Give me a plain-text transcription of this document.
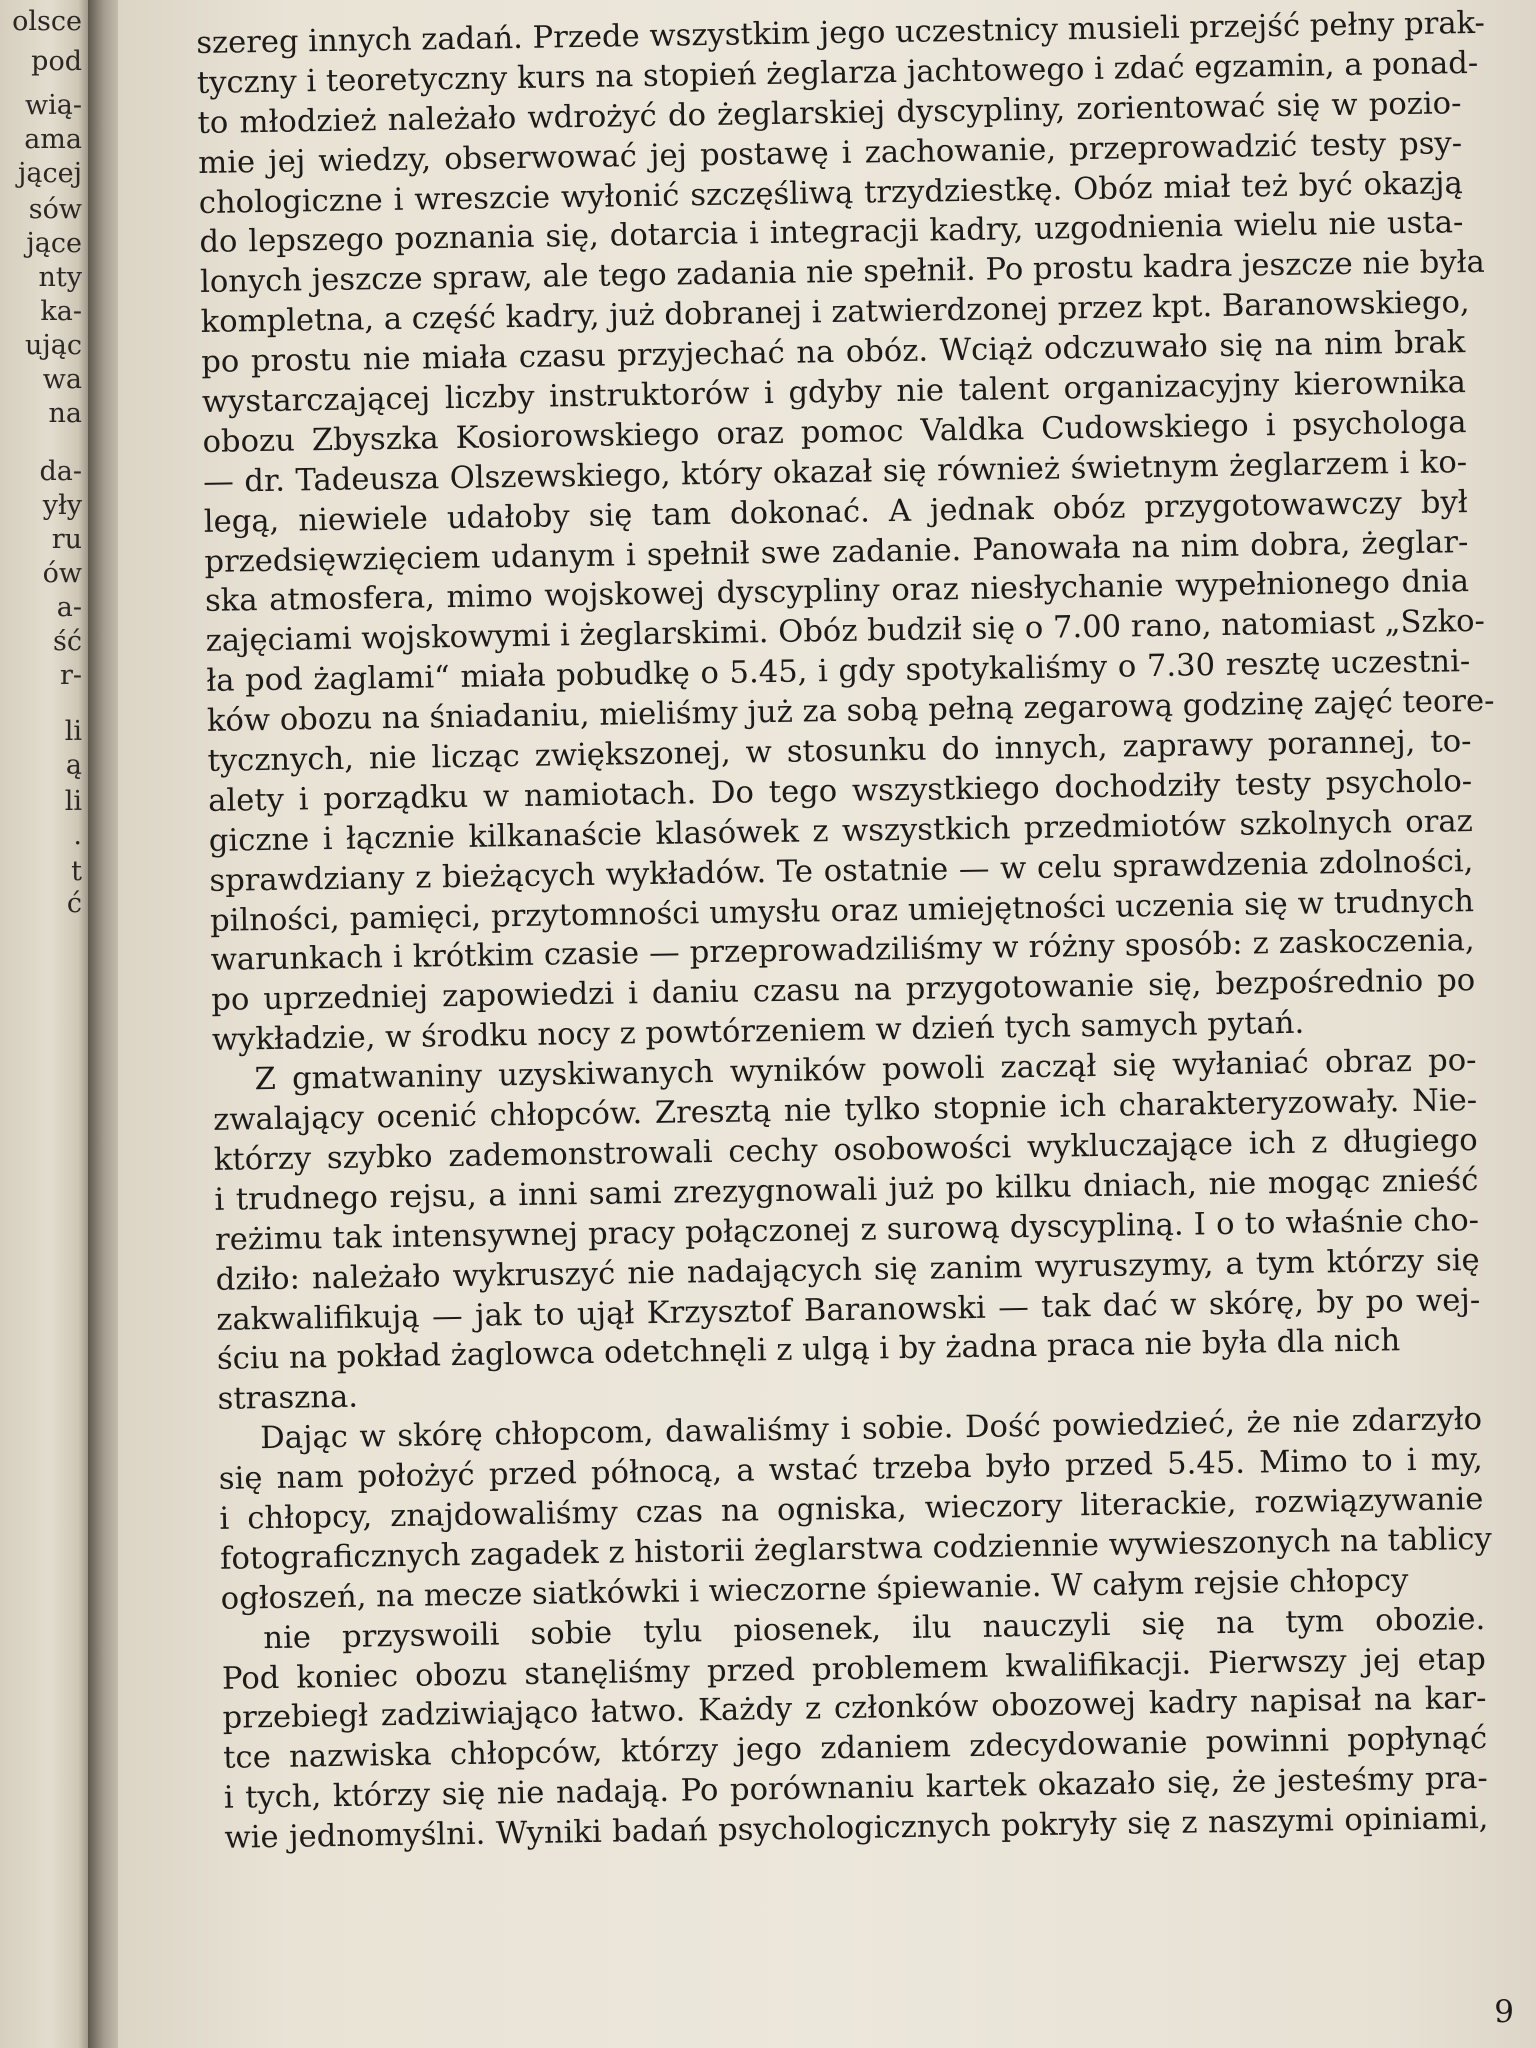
olsce
pod
wią-
ama
jącej
sów
jące
nty
ka-
ując
wa
na
da-
yły
ru
ów
a-
ść
r-
li
ą
li
.
t
ć
szereg innych zadań. Przede wszystkim jego uczestnicy musieli przejść pełny prak-
tyczny i teoretyczny kurs na stopień żeglarza jachtowego i zdać egzamin, a ponad-
to młodzież należało wdrożyć do żeglarskiej dyscypliny, zorientować się w pozio-
mie jej wiedzy, obserwować jej postawę i zachowanie, przeprowadzić testy psy-
chologiczne i wreszcie wyłonić szczęśliwą trzydziestkę. Obóz miał też być okazją
do lepszego poznania się, dotarcia i integracji kadry, uzgodnienia wielu nie usta-
lonych jeszcze spraw, ale tego zadania nie spełnił. Po prostu kadra jeszcze nie była
kompletna, a część kadry, już dobranej i zatwierdzonej przez kpt. Baranowskiego,
po prostu nie miała czasu przyjechać na obóz. Wciąż odczuwało się na nim brak
wystarczającej liczby instruktorów i gdyby nie talent organizacyjny kierownika
obozu Zbyszka Kosiorowskiego oraz pomoc Valdka Cudowskiego i psychologa
— dr. Tadeusza Olszewskiego, który okazał się również świetnym żeglarzem i ko-
legą, niewiele udałoby się tam dokonać. A jednak obóz przygotowawczy był
przedsięwzięciem udanym i spełnił swe zadanie. Panowała na nim dobra, żeglar-
ska atmosfera, mimo wojskowej dyscypliny oraz niesłychanie wypełnionego dnia
zajęciami wojskowymi i żeglarskimi. Obóz budził się o 7.00 rano, natomiast „Szko-
ła pod żaglami“ miała pobudkę o 5.45, i gdy spotykaliśmy o 7.30 resztę uczestni-
ków obozu na śniadaniu, mieliśmy już za sobą pełną zegarową godzinę zajęć teore-
tycznych, nie licząc zwiększonej, w stosunku do innych, zaprawy porannej, to-
alety i porządku w namiotach. Do tego wszystkiego dochodziły testy psycholo-
giczne i łącznie kilkanaście klasówek z wszystkich przedmiotów szkolnych oraz
sprawdziany z bieżących wykładów. Te ostatnie — w celu sprawdzenia zdolności,
pilności, pamięci, przytomności umysłu oraz umiejętności uczenia się w trudnych
warunkach i krótkim czasie — przeprowadziliśmy w różny sposób: z zaskoczenia,
po uprzedniej zapowiedzi i daniu czasu na przygotowanie się, bezpośrednio po
wykładzie, w środku nocy z powtórzeniem w dzień tych samych pytań.
Z gmatwaniny uzyskiwanych wyników powoli zaczął się wyłaniać obraz po-
zwalający ocenić chłopców. Zresztą nie tylko stopnie ich charakteryzowały. Nie-
którzy szybko zademonstrowali cechy osobowości wykluczające ich z długiego
i trudnego rejsu, a inni sami zrezygnowali już po kilku dniach, nie mogąc znieść
reżimu tak intensywnej pracy połączonej z surową dyscypliną. I o to właśnie cho-
dziło: należało wykruszyć nie nadających się zanim wyruszymy, a tym którzy się
zakwalifikują — jak to ujął Krzysztof Baranowski — tak dać w skórę, by po wej-
ściu na pokład żaglowca odetchnęli z ulgą i by żadna praca nie była dla nich
straszna.
Dając w skórę chłopcom, dawaliśmy i sobie. Dość powiedzieć, że nie zdarzyło
się nam położyć przed północą, a wstać trzeba było przed 5.45. Mimo to i my,
i chłopcy, znajdowaliśmy czas na ogniska, wieczory literackie, rozwiązywanie
fotograficznych zagadek z historii żeglarstwa codziennie wywieszonych na tablicy
ogłoszeń, na mecze siatkówki i wieczorne śpiewanie. W całym rejsie chłopcy
nie przyswoili sobie tylu piosenek, ilu nauczyli się na tym obozie.
Pod koniec obozu stanęliśmy przed problemem kwalifikacji. Pierwszy jej etap
przebiegł zadziwiająco łatwo. Każdy z członków obozowej kadry napisał na kar-
tce nazwiska chłopców, którzy jego zdaniem zdecydowanie powinni popłynąć
i tych, którzy się nie nadają. Po porównaniu kartek okazało się, że jesteśmy pra-
wie jednomyślni. Wyniki badań psychologicznych pokryły się z naszymi opiniami,
9
